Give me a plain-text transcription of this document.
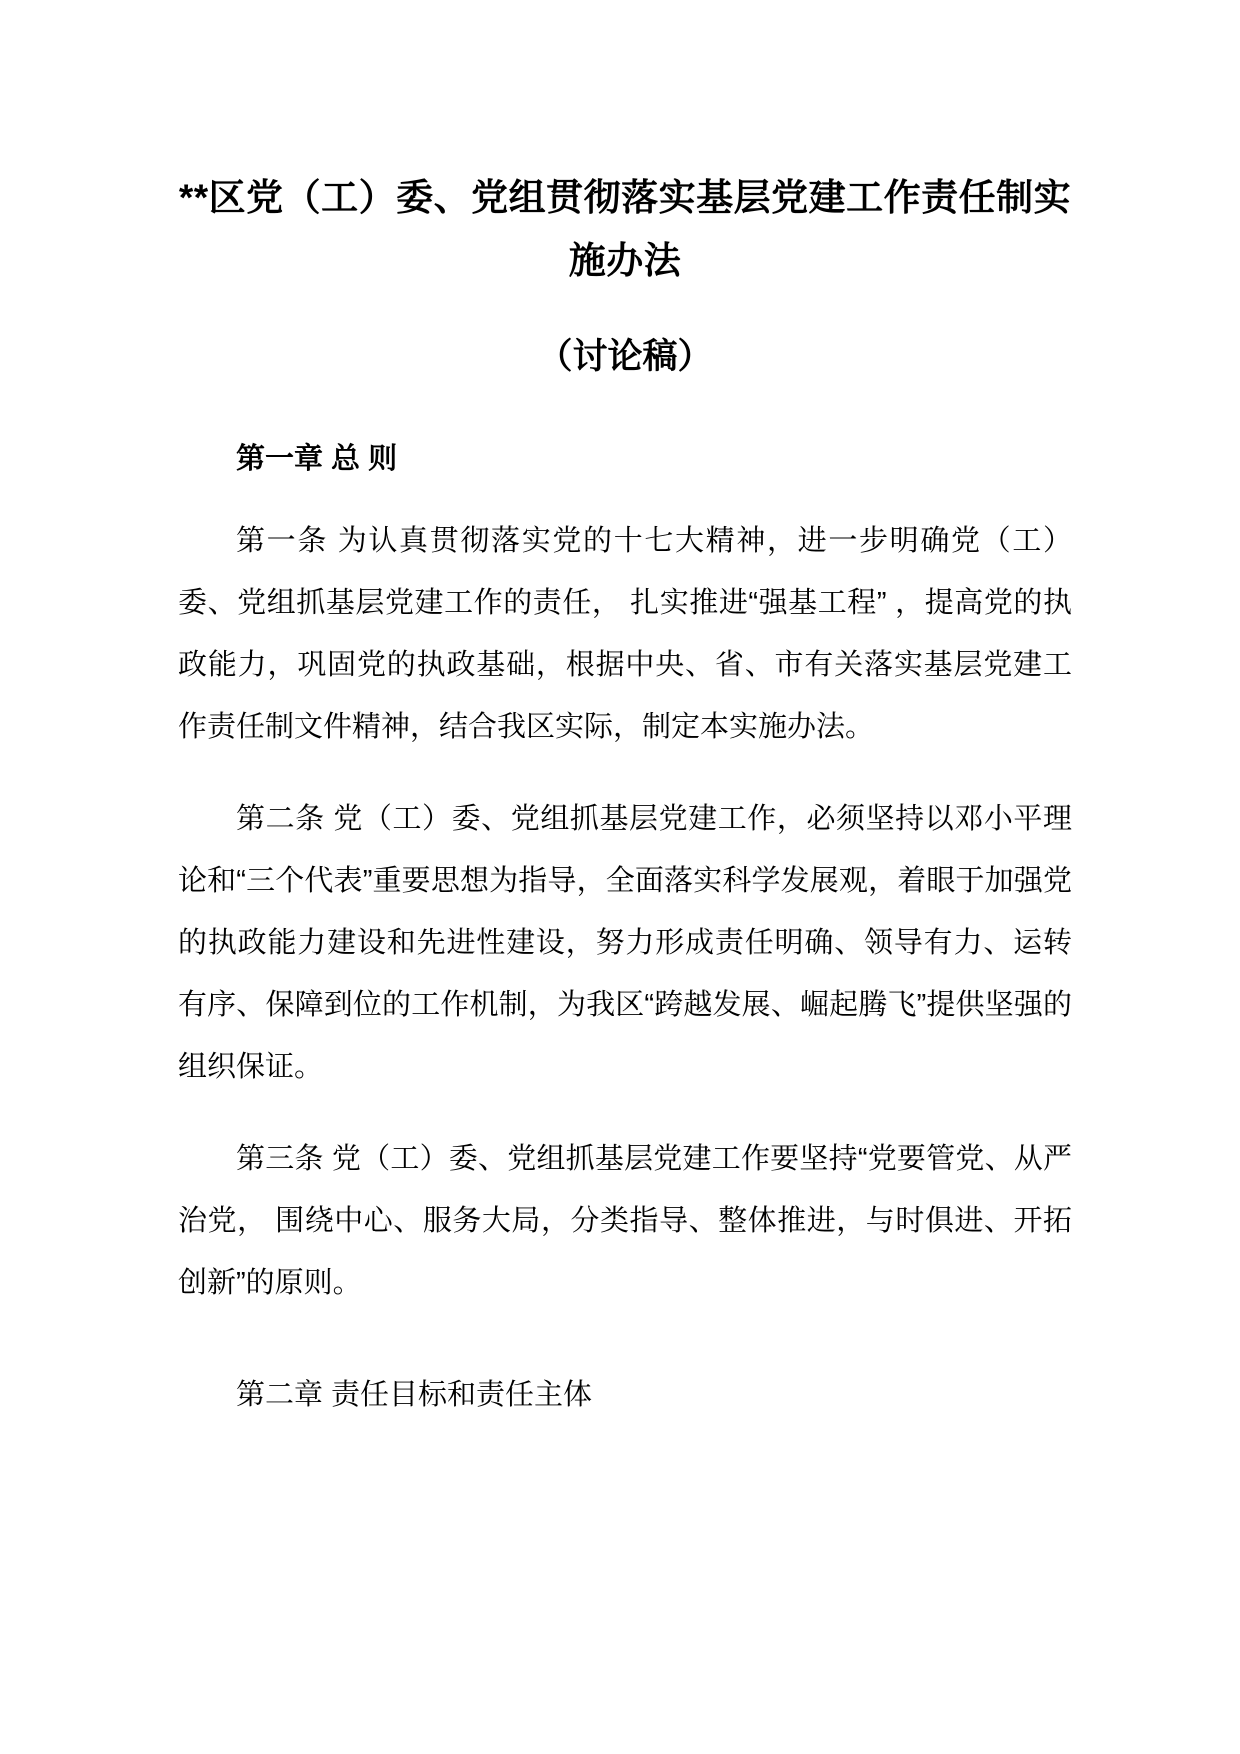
**区党（工）委、党组贯彻落实基层党建工作责任制实施办法
（讨论稿）

第一章 总 则

第一条 为认真贯彻落实党的十七大精神，进一步明确党（工）委、党组抓基层党建工作的责任， 扎实推进“强基工程” ，提高党的执政能力，巩固党的执政基础，根据中央、省、市有关落实基层党建工作责任制文件精神，结合我区实际，制定本实施办法。

第二条 党（工）委、党组抓基层党建工作，必须坚持以邓小平理论和“三个代表”重要思想为指导，全面落实科学发展观，着眼于加强党的执政能力建设和先进性建设，努力形成责任明确、领导有力、运转有序、保障到位的工作机制，为我区“跨越发展、崛起腾飞”提供坚强的组织保证。

第三条 党（工）委、党组抓基层党建工作要坚持“党要管党、从严治党， 围绕中心、服务大局，分类指导、整体推进，与时俱进、开拓创新”的原则。

第二章 责任目标和责任主体
